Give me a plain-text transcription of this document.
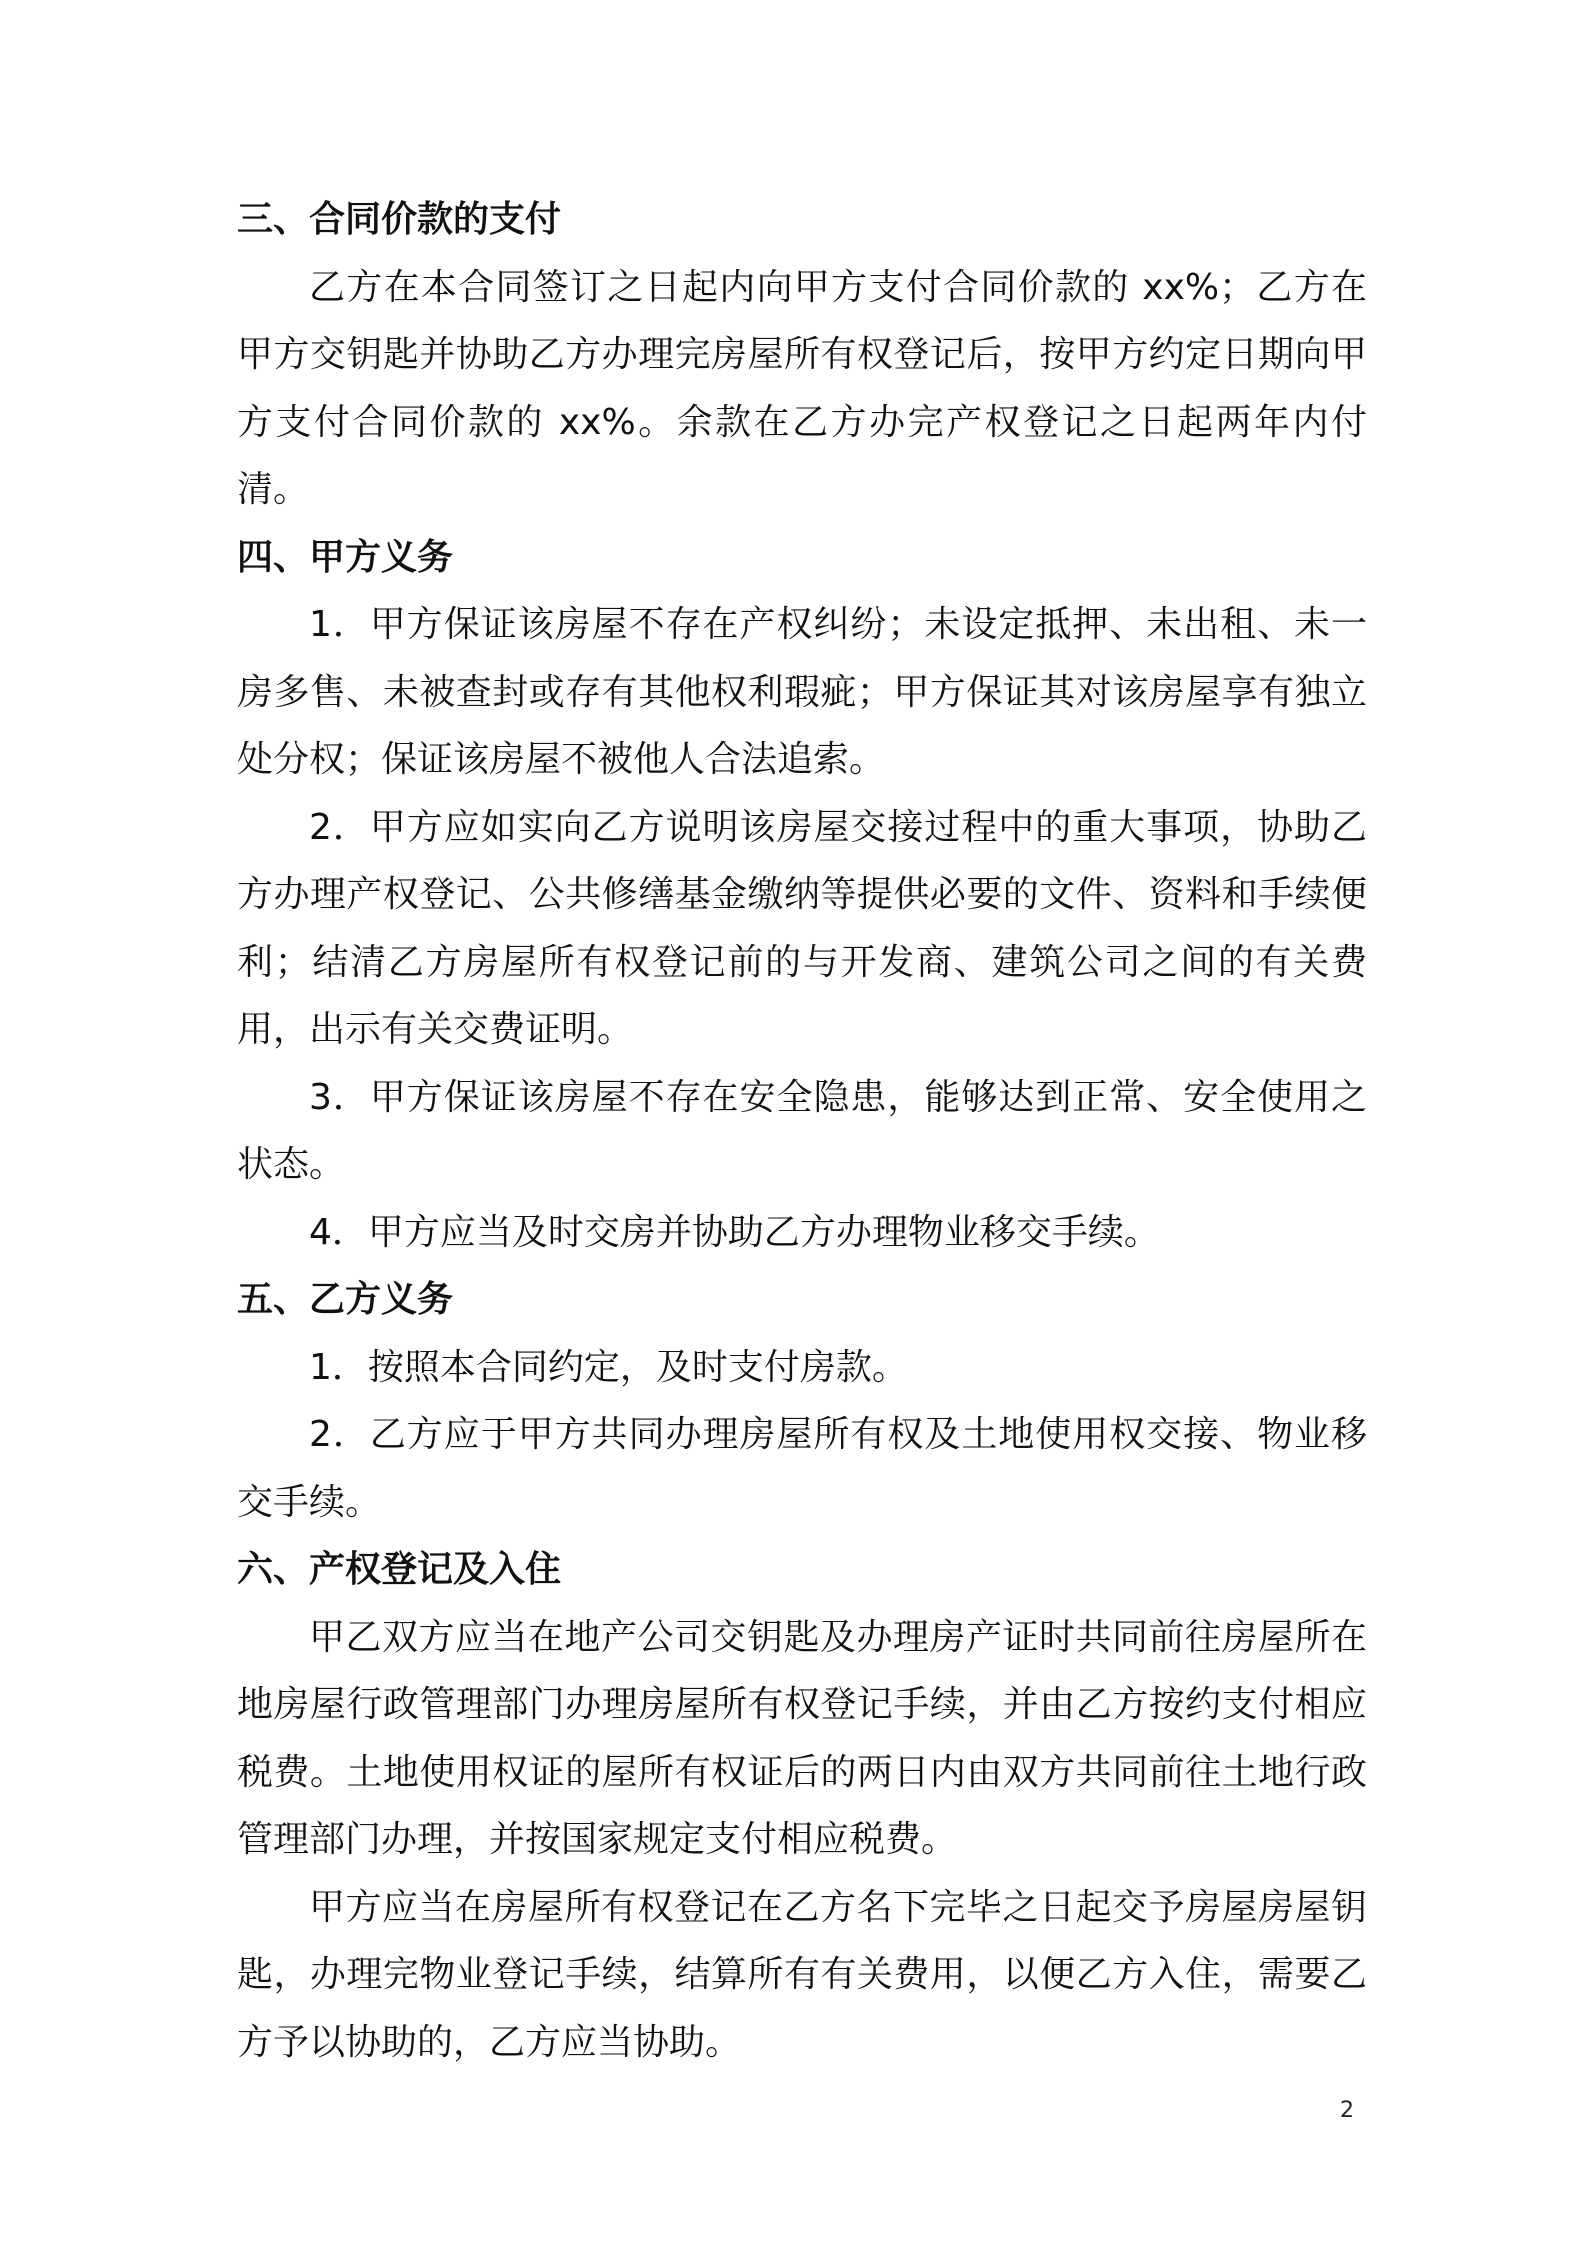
三、合同价款的支付

乙方在本合同签订之日起内向甲方支付合同价款的 xx%；乙方在甲方交钥匙并协助乙方办理完房屋所有权登记后，按甲方约定日期向甲方支付合同价款的 xx%。余款在乙方办完产权登记之日起两年内付清。

四、甲方义务

1．甲方保证该房屋不存在产权纠纷；未设定抵押、未出租、未一房多售、未被查封或存有其他权利瑕疵；甲方保证其对该房屋享有独立处分权；保证该房屋不被他人合法追索。

2．甲方应如实向乙方说明该房屋交接过程中的重大事项，协助乙方办理产权登记、公共修缮基金缴纳等提供必要的文件、资料和手续便利；结清乙方房屋所有权登记前的与开发商、建筑公司之间的有关费用，出示有关交费证明。

3．甲方保证该房屋不存在安全隐患，能够达到正常、安全使用之状态。

4．甲方应当及时交房并协助乙方办理物业移交手续。

五、乙方义务

1．按照本合同约定，及时支付房款。

2．乙方应于甲方共同办理房屋所有权及土地使用权交接、物业移交手续。

六、产权登记及入住

甲乙双方应当在地产公司交钥匙及办理房产证时共同前往房屋所在地房屋行政管理部门办理房屋所有权登记手续，并由乙方按约支付相应税费。土地使用权证的屋所有权证后的两日内由双方共同前往土地行政管理部门办理，并按国家规定支付相应税费。

甲方应当在房屋所有权登记在乙方名下完毕之日起交予房屋房屋钥匙，办理完物业登记手续，结算所有有关费用，以便乙方入住，需要乙方予以协助的，乙方应当协助。

2
